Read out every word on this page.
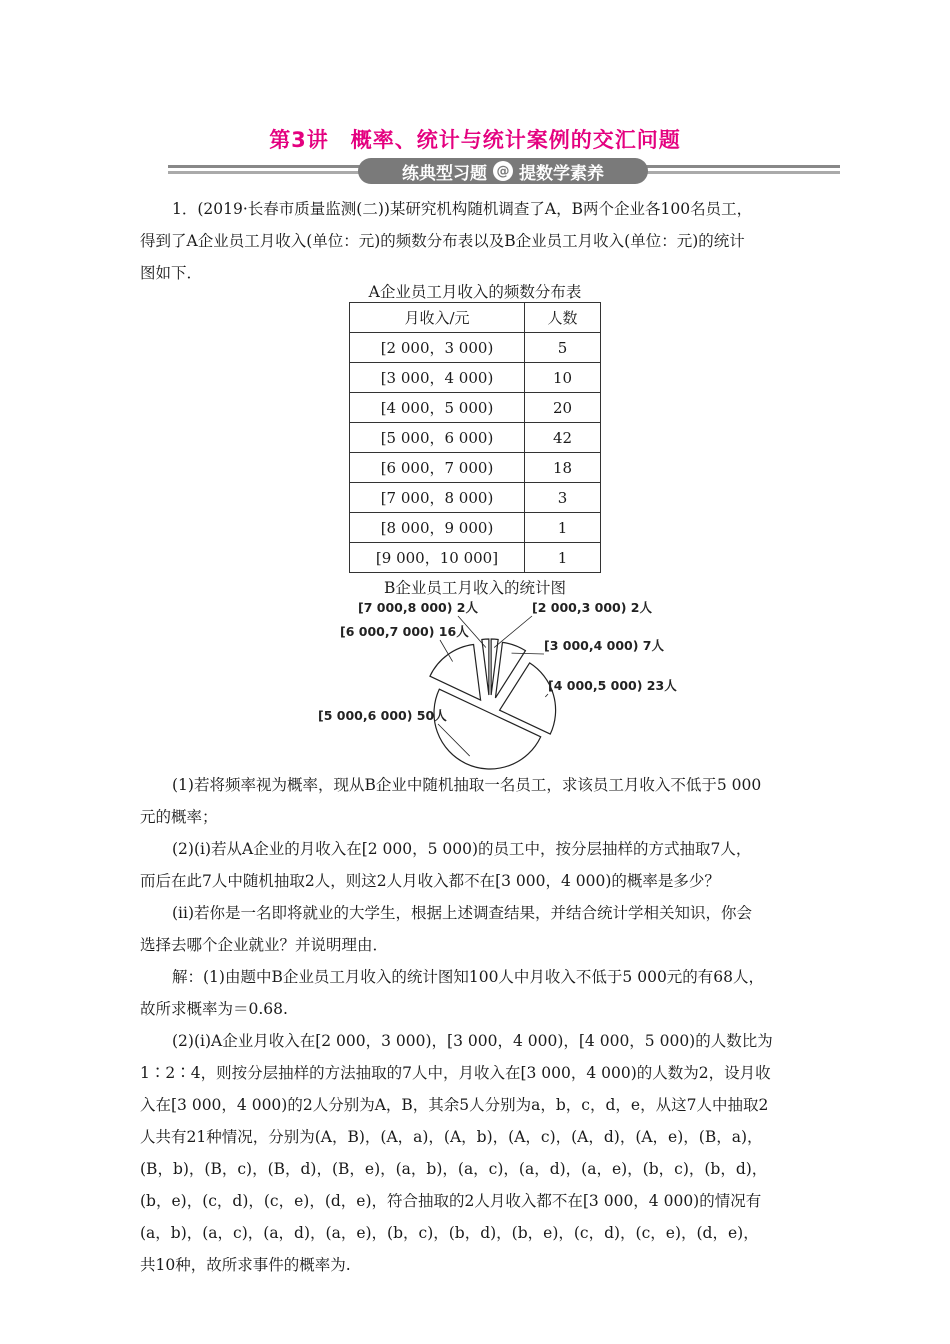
第3讲　概率、统计与统计案例的交汇问题
练典型习题 @ 提数学素养
1．(2019·长春市质量监测(二))某研究机构随机调查了A，B两个企业各100名员工，
得到了A企业员工月收入(单位：元)的频数分布表以及B企业员工月收入(单位：元)的统计
图如下．
A企业员工月收入的频数分布表
月收入/元	人数
[2 000，3 000)	5
[3 000，4 000)	10
[4 000，5 000)	20
[5 000，6 000)	42
[6 000，7 000)	18
[7 000，8 000)	3
[8 000，9 000)	1
[9 000，10 000]	1
B企业员工月收入的统计图
[2 000,3 000) 2人
[3 000,4 000) 7人
[4 000,5 000) 23人
[5 000,6 000) 50人
[6 000,7 000) 16人
[7 000,8 000) 2人
(1)若将频率视为概率，现从B企业中随机抽取一名员工，求该员工月收入不低于5 000
元的概率；
(2)(ⅰ)若从A企业的月收入在[2 000，5 000)的员工中，按分层抽样的方式抽取7人，
而后在此7人中随机抽取2人，则这2人月收入都不在[3 000，4 000)的概率是多少？
(ⅱ)若你是一名即将就业的大学生，根据上述调查结果，并结合统计学相关知识，你会
选择去哪个企业就业？并说明理由．
解：(1)由题中B企业员工月收入的统计图知100人中月收入不低于5 000元的有68人，
故所求概率为＝0.68.
(2)(ⅰ)A企业月收入在[2 000，3 000)，[3 000，4 000)，[4 000，5 000)的人数比为
1∶2∶4，则按分层抽样的方法抽取的7人中，月收入在[3 000，4 000)的人数为2，设月收
入在[3 000，4 000)的2人分别为A，B，其余5人分别为a，b，c，d，e，从这7人中抽取2
人共有21种情况，分别为(A，B)，(A，a)，(A，b)，(A，c)，(A，d)，(A，e)，(B，a)，
(B，b)，(B，c)，(B，d)，(B，e)，(a，b)，(a，c)，(a，d)，(a，e)，(b，c)，(b，d)，
(b，e)，(c，d)，(c，e)，(d，e)，符合抽取的2人月收入都不在[3 000，4 000)的情况有
(a，b)，(a，c)，(a，d)，(a，e)，(b，c)，(b，d)，(b，e)，(c，d)，(c，e)，(d，e)，
共10种，故所求事件的概率为.
